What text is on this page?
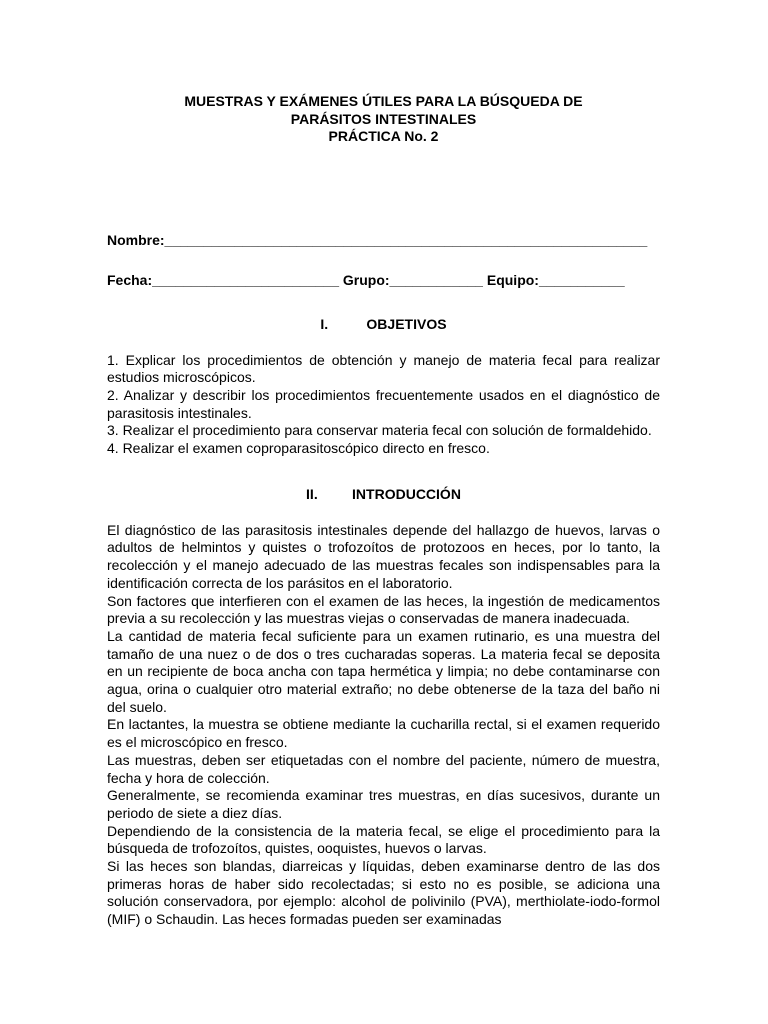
MUESTRAS Y EXÁMENES ÚTILES PARA LA BÚSQUEDA DE
PARÁSITOS INTESTINALES
PRÁCTICA No. 2
Nombre:______________________________________________________________
Fecha:________________________ Grupo:____________ Equipo:___________
I.	OBJETIVOS

1. Explicar los procedimientos de obtención y manejo de materia fecal para realizar estudios microscópicos.

2. Analizar y describir los procedimientos frecuentemente usados en el diagnóstico de parasitosis intestinales.

3. Realizar el procedimiento para conservar materia fecal con solución de formaldehido.

4. Realizar el examen coproparasitoscópico directo en fresco.

II. INTRODUCCIÓN

El diagnóstico de las parasitosis intestinales depende del hallazgo de huevos, larvas o adultos de helmintos y quistes o trofozoítos de protozoos en heces, por lo tanto, la recolección y el manejo adecuado de las muestras fecales son indispensables para la identificación correcta de los parásitos en el laboratorio.

Son factores que interfieren con el examen de las heces, la ingestión de medicamentos previa a su recolección y las muestras viejas o conservadas de manera inadecuada.

La cantidad de materia fecal suficiente para un examen rutinario, es una muestra del tamaño de una nuez o de dos o tres cucharadas soperas. La materia fecal se deposita en un recipiente de boca ancha con tapa hermética y limpia; no debe contaminarse con agua, orina o cualquier otro material extraño; no debe obtenerse de la taza del baño ni del suelo.

En lactantes, la muestra se obtiene mediante la cucharilla rectal, si el examen requerido es el microscópico en fresco.

Las muestras, deben ser etiquetadas con el nombre del paciente, número de muestra, fecha y hora de colección.

Generalmente, se recomienda examinar tres muestras, en días sucesivos, durante un periodo de siete a diez días.

Dependiendo de la consistencia de la materia fecal, se elige el procedimiento para la búsqueda de trofozoítos, quistes, ooquistes, huevos o larvas.

Si las heces son blandas, diarreicas y líquidas, deben examinarse dentro de las dos primeras horas de haber sido recolectadas; si esto no es posible, se adiciona una solución conservadora, por ejemplo: alcohol de polivinilo (PVA), merthiolate-iodo-formol (MIF) o Schaudin. Las heces formadas pueden ser examinadas
